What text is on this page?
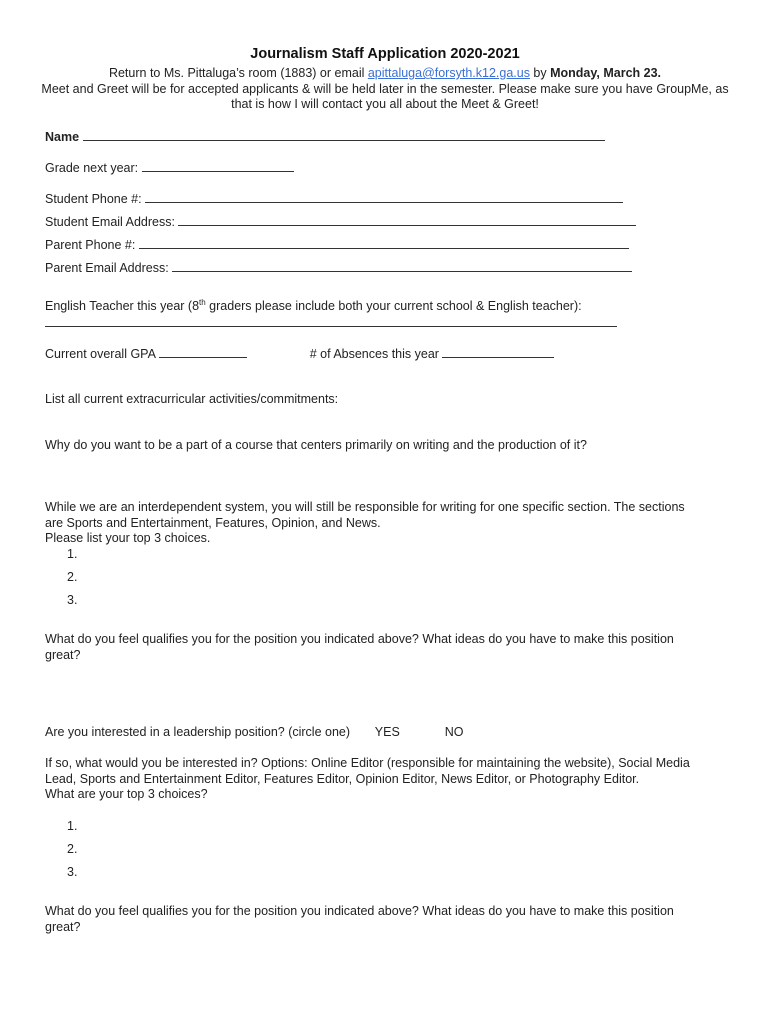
Journalism Staff Application 2020-2021
Return to Ms. Pittaluga’s room (1883) or email apittaluga@forsyth.k12.ga.us by Monday, March 23.
Meet and Greet will be for accepted applicants & will be held later in the semester. Please make sure you have GroupMe, as that is how I will contact you all about the Meet & Greet!
Name
Grade next year:
Student Phone #:
Student Email Address:
Parent Phone #:
Parent Email Address:
English Teacher this year (8th graders please include both your current school & English teacher):
Current overall GPA	# of Absences this year
List all current extracurricular activities/commitments:
Why do you want to be a part of a course that centers primarily on writing and the production of it?
While we are an interdependent system, you will still be responsible for writing for one specific section. The sections are Sports and Entertainment, Features, Opinion, and News.
Please list your top 3 choices.
1.
2.
3.
What do you feel qualifies you for the position you indicated above? What ideas do you have to make this position great?
Are you interested in a leadership position? (circle one) YES	NO
If so, what would you be interested in? Options: Online Editor (responsible for maintaining the website), Social Media Lead, Sports and Entertainment Editor, Features Editor, Opinion Editor, News Editor, or Photography Editor.
What are your top 3 choices?
1.
2.
3.
What do you feel qualifies you for the position you indicated above? What ideas do you have to make this position great?
